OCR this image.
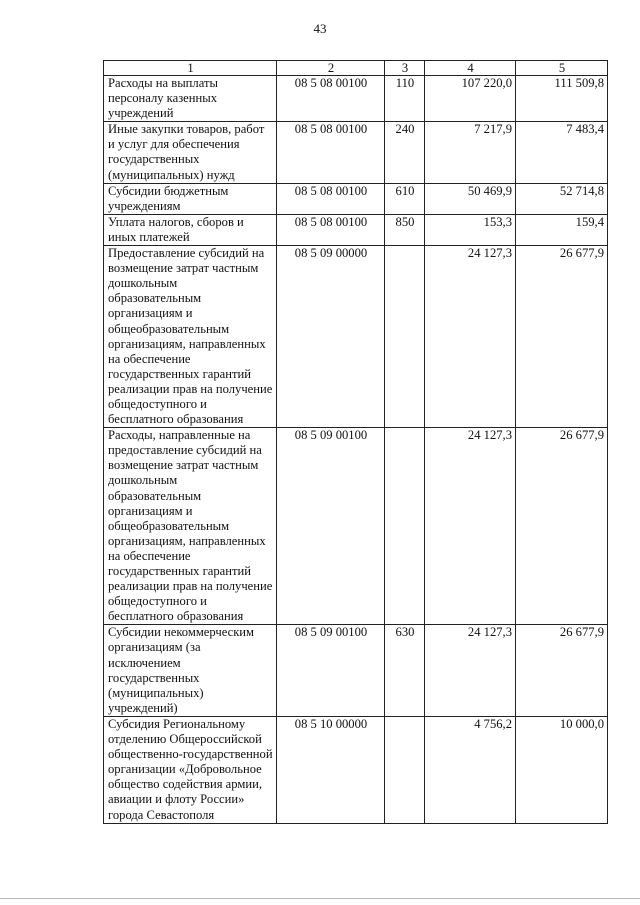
43
1	2	3	4	5
Расходы на выплаты персоналу казенных учреждений	08 5 08 00100	110	107 220,0	111 509,8
Иные закупки товаров, работ и услуг для обеспечения государственных (муниципальных) нужд	08 5 08 00100	240	7 217,9	7 483,4
Субсидии бюджетным учреждениям	08 5 08 00100	610	50 469,9	52 714,8
Уплата налогов, сборов и иных платежей	08 5 08 00100	850	153,3	159,4
Предоставление субсидий на возмещение затрат частным дошкольным образовательным организациям и общеобразовательным организациям, направленных на обеспечение государственных гарантий реализации прав на получение общедоступного и бесплатного образования	08 5 09 00000		24 127,3	26 677,9
Расходы, направленные на предоставление субсидий на возмещение затрат частным дошкольным образовательным организациям и общеобразовательным организациям, направленных на обеспечение государственных гарантий реализации прав на получение общедоступного и бесплатного образования	08 5 09 00100		24 127,3	26 677,9
Субсидии некоммерческим организациям (за исключением государственных (муниципальных) учреждений)	08 5 09 00100	630	24 127,3	26 677,9
Субсидия Региональному отделению Общероссийской общественно-государственной организации «Добровольное общество содействия армии, авиации и флоту России» города Севастополя	08 5 10 00000		4 756,2	10 000,0
